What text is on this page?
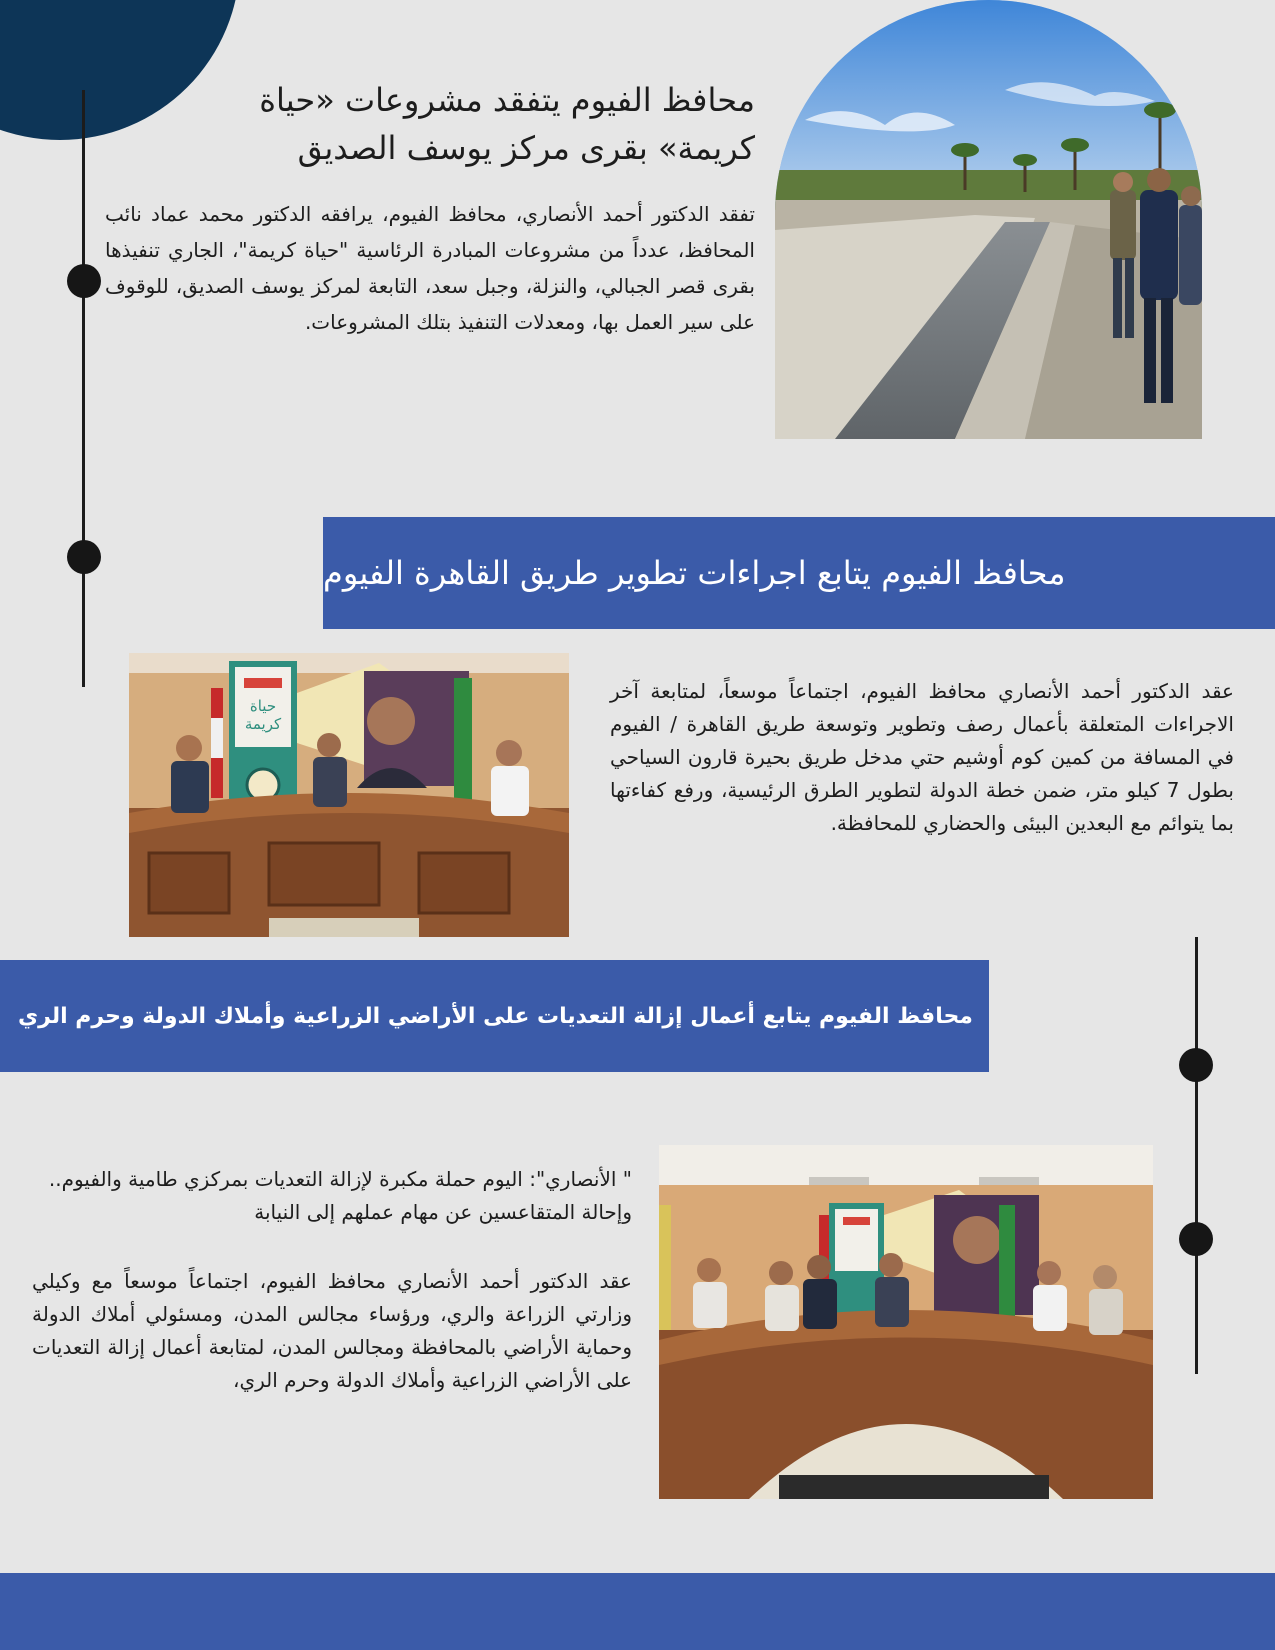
محافظ الفيوم يتفقد مشروعات «حياة كريمة» بقرى مركز يوسف الصديق
تفقد الدكتور أحمد الأنصاري، محافظ الفيوم، يرافقه الدكتور محمد عماد نائب المحافظ، عدداً من مشروعات المبادرة الرئاسية "حياة كريمة"، الجاري تنفيذها بقرى قصر الجبالي، والنزلة، وجبل سعد، التابعة لمركز يوسف الصديق، للوقوف على سير العمل بها، ومعدلات التنفيذ بتلك المشروعات.
محافظ الفيوم يتابع اجراءات تطوير طريق القاهرة الفيوم
حياة
كريمة
عقد الدكتور أحمد الأنصاري محافظ الفيوم، اجتماعاً موسعاً، لمتابعة آخر الاجراءات المتعلقة بأعمال رصف وتطوير وتوسعة طريق القاهرة / الفيوم في المسافة من كمين كوم أوشيم حتي مدخل طريق بحيرة قارون السياحي بطول 7 كيلو متر، ضمن خطة الدولة لتطوير الطرق الرئيسية، ورفع كفاءتها بما يتوائم مع البعدين البيئى والحضاري للمحافظة.
محافظ الفيوم يتابع أعمال إزالة التعديات على الأراضي الزراعية وأملاك الدولة وحرم الري
" الأنصاري": اليوم حملة مكبرة لإزالة التعديات بمركزي طامية والفيوم.. وإحالة المتقاعسين عن مهام عملهم إلى النيابة
عقد الدكتور أحمد الأنصاري محافظ الفيوم، اجتماعاً موسعاً مع وكيلي وزارتي الزراعة والري، ورؤساء مجالس المدن، ومسئولي أملاك الدولة وحماية الأراضي بالمحافظة ومجالس المدن، لمتابعة أعمال إزالة التعديات على الأراضي الزراعية وأملاك الدولة وحرم الري،
